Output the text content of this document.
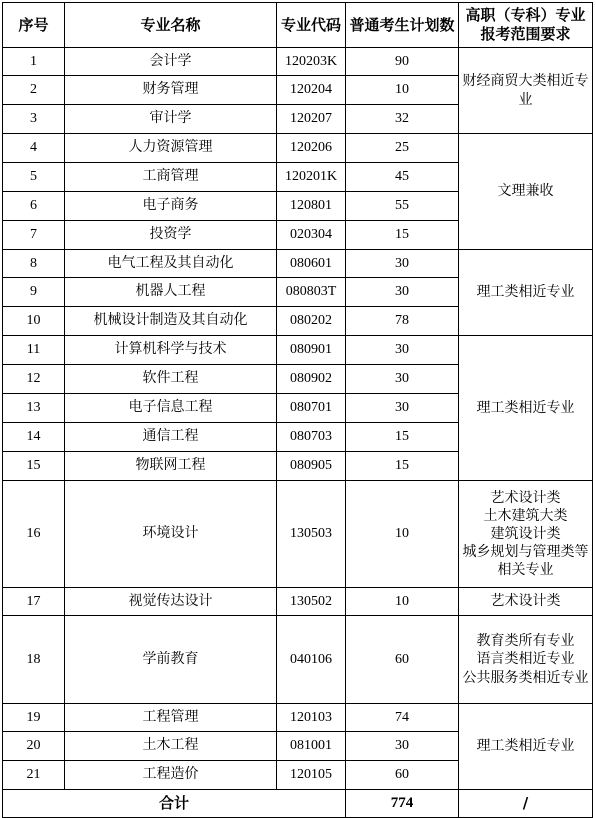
序号	专业名称	专业代码	普通考生计划数	高职（专科）专业报考范围要求
1	会计学	120203K	90	财经商贸大类相近专业
2	财务管理	120204	10	
3	审计学	120207	32	
4	人力资源管理	120206	25	文理兼收
5	工商管理	120201K	45	
6	电子商务	120801	55	
7	投资学	020304	15	
8	电气工程及其自动化	080601	30	理工类相近专业
9	机器人工程	080803T	30	
10	机械设计制造及其自动化	080202	78	
11	计算机科学与技术	080901	30	理工类相近专业
12	软件工程	080902	30	
13	电子信息工程	080701	30	
14	通信工程	080703	15	
15	物联网工程	080905	15	
16	环境设计	130503	10	艺术设计类
土木建筑大类
建筑设计类
城乡规划与管理类等相关专业

17	视觉传达设计	130502	10	艺术设计类
18	学前教育	040106	60	教育类所有专业
语言类相近专业
公共服务类相近专业

19	工程管理	120103	74	理工类相近专业
20	土木工程	081001	30	
21	工程造价	120105	60	
合计			774	/
